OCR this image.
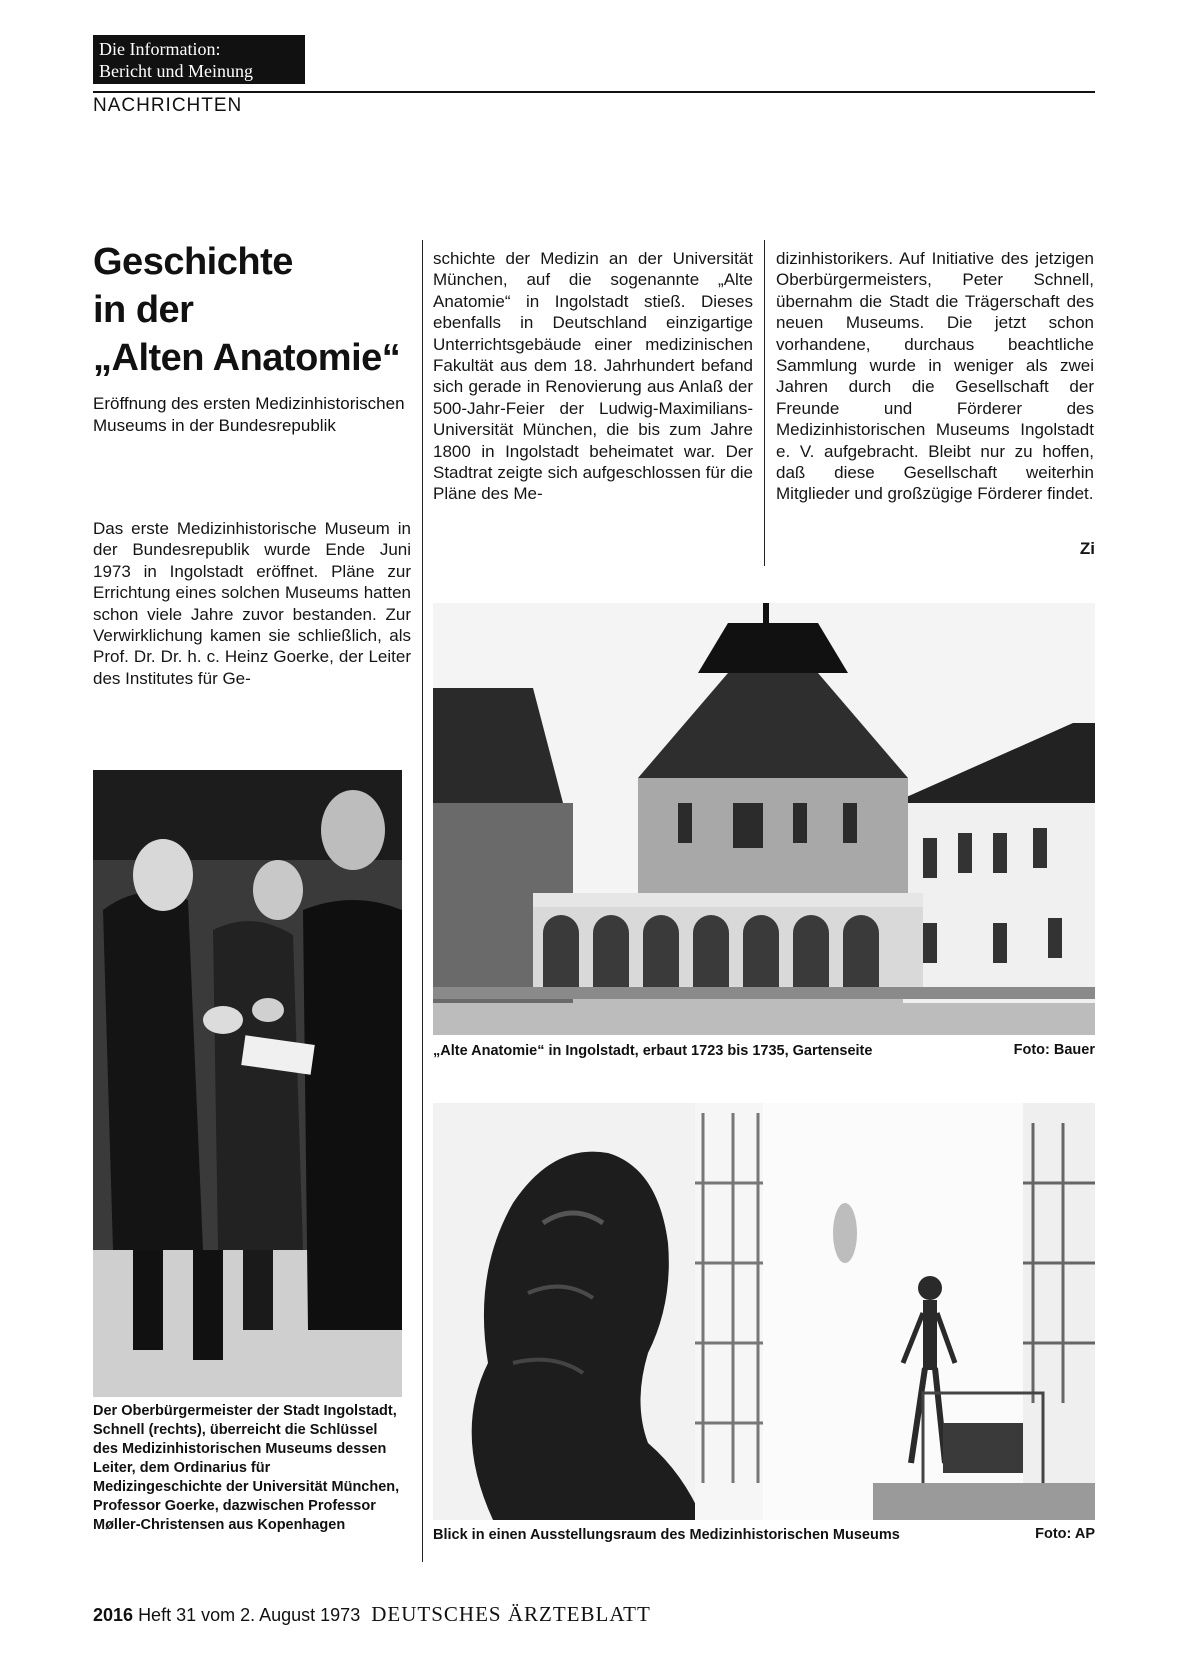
Die Information:
Bericht und Meinung
NACHRICHTEN
Geschichte
in der
„Alten Anatomie“
Eröffnung des ersten Medizinhistorischen Museums in der Bundesrepublik

Das erste Medizinhistorische Museum in der Bundesrepublik wurde Ende Juni 1973 in Ingolstadt eröffnet. Pläne zur Errichtung eines solchen Museums hatten schon viele Jahre zuvor bestanden. Zur Verwirklichung kamen sie schließlich, als Prof. Dr. Dr. h. c. Heinz Goerke, der Leiter des Institutes für Ge-

schichte der Medizin an der Universität München, auf die sogenannte „Alte Anatomie“ in Ingolstadt stieß. Dieses ebenfalls in Deutschland einzigartige Unterrichtsgebäude einer medizinischen Fakultät aus dem 18. Jahrhundert befand sich gerade in Renovierung aus Anlaß der 500-Jahr-Feier der Ludwig-Maximilians-Universität München, die bis zum Jahre 1800 in Ingolstadt beheimatet war. Der Stadtrat zeigte sich aufgeschlossen für die Pläne des Me-

dizinhistorikers. Auf Initiative des jetzigen Oberbürgermeisters, Peter Schnell, übernahm die Stadt die Trägerschaft des neuen Museums. Die jetzt schon vorhandene, durchaus beachtliche Sammlung wurde in weniger als zwei Jahren durch die Gesellschaft der Freunde und Förderer des Medizinhistorischen Museums Ingolstadt e. V. aufgebracht. Bleibt nur zu hoffen, daß diese Gesellschaft weiterhin Mitglieder und großzügige Förderer findet.

Zi
Der Oberbürgermeister der Stadt Ingolstadt, Schnell (rechts), überreicht die Schlüssel des Medizinhistorischen Museums dessen Leiter, dem Ordinarius für Medizingeschichte der Universität München, Professor Goerke, dazwischen Professor Møller-Christensen aus Kopenhagen
„Alte Anatomie“ in Ingolstadt, erbaut 1723 bis 1735, Gartenseite	Foto: Bauer
Blick in einen Ausstellungsraum des Medizinhistorischen Museums	Foto: AP
2016 Heft 31 vom 2. August 1973 DEUTSCHES ÄRZTEBLATT
